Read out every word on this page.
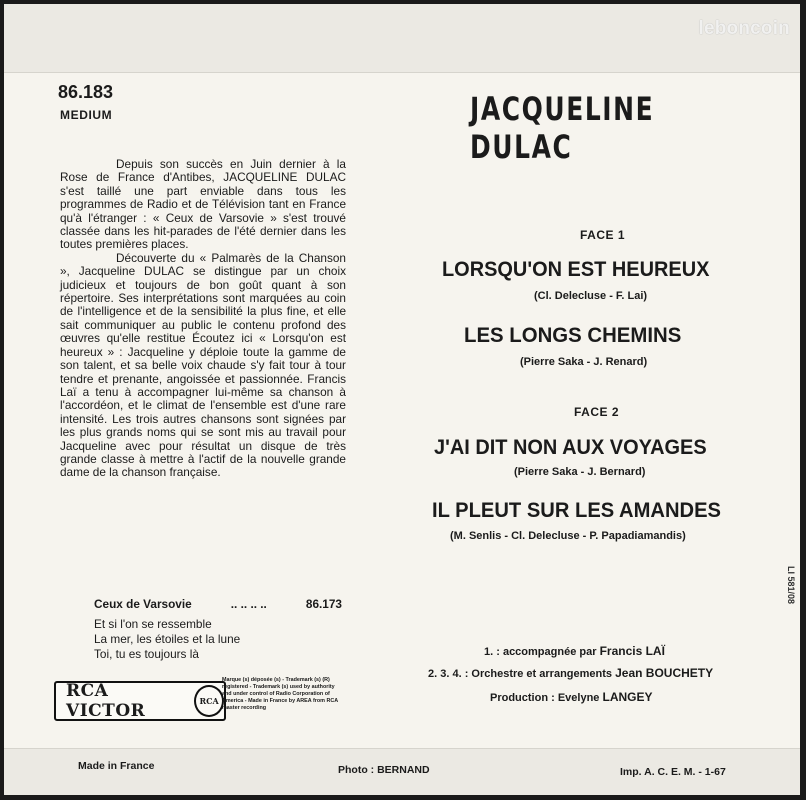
leboncoin
86.183
MEDIUM	JACQUELINE DULAC

Depuis son succès en Juin dernier à la Rose de France d'Antibes, JACQUELINE DULAC s'est taillé une part enviable dans tous les programmes de Radio et de Télévision tant en France qu'à l'étranger : « Ceux de Varsovie » s'est trouvé classée dans les hit-parades de l'été dernier dans les toutes premières places.

Découverte du « Palmarès de la Chanson », Jacqueline DULAC se distingue par un choix judicieux et toujours de bon goût quant à son répertoire. Ses interprétations sont marquées au coin de l'intelligence et de la sensibilité la plus fine, et elle sait communiquer au public le contenu profond des œuvres qu'elle restitue Écoutez ici « Lorsqu'on est heureux » : Jacqueline y déploie toute la gamme de son talent, et sa belle voix chaude s'y fait tour à tour tendre et prenante, angoissée et passionnée. Francis Laï a tenu à accompagner lui-même sa chanson à l'accordéon, et le climat de l'ensemble est d'une rare intensité. Les trois autres chansons sont signées par les plus grands noms qui se sont mis au travail pour Jacqueline avec pour résultat un disque de très grande classe à mettre à l'actif de la nouvelle grande dame de la chanson française.

Ceux de Varsovie	.. .. .. ..	86.173
Et si l'on se ressemble
La mer, les étoiles et la lune
Toi, tu es toujours là
FACE 1
LORSQU'ON EST HEUREUX
(Cl. Delecluse - F. Lai)
LES LONGS CHEMINS
(Pierre Saka - J. Renard)
FACE 2
J'AI DIT NON AUX VOYAGES
(Pierre Saka - J. Bernard)
IL PLEUT SUR LES AMANDES
(M. Senlis - Cl. Delecluse - P. Papadiamandis)
1. : accompagnée par Francis LAÏ
2. 3. 4. : Orchestre et arrangements Jean BOUCHETY
Production : Evelyne LANGEY
LI 581/08
RCA VICTOR	RCA
Marque (s) déposée (s) - Trademark (s) (R) registered - Trademark (s) used by authority and under control of Radio Corporation of America - Made in France by AREA from RCA master recording
Made in France	Photo : BERNAND	Imp. A. C. E. M. - 1-67
